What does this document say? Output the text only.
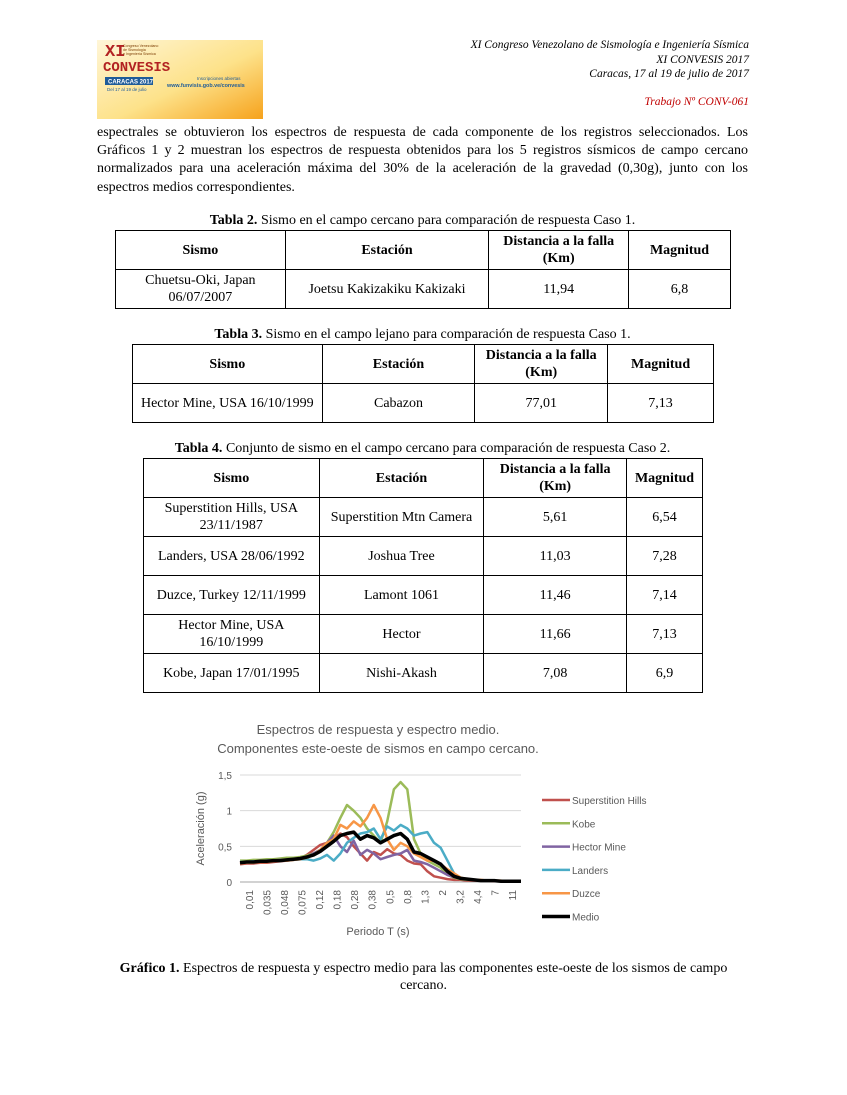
XI
CONVESIS
Congreso Venezolano
de Sismología
e Ingeniería Sísmica
CARACAS 2017
Del 17 al 19 de julio
Inscripciones abiertas
www.funvisis.gob.ve/convesis
XI Congreso Venezolano de Sismología e Ingeniería Sísmica
XI CONVESIS 2017
Caracas, 17 al 19 de julio de 2017
Trabajo Nº CONV-061
espectrales se obtuvieron los espectros de respuesta de cada componente de los registros seleccionados. Los Gráficos 1 y 2 muestran los espectros de respuesta obtenidos para los 5 registros sísmicos de campo cercano normalizados para una aceleración máxima del 30% de la aceleración de la gravedad (0,30g), junto con los espectros medios correspondientes.
Tabla 2. Sismo en el campo cercano para comparación de respuesta Caso 1.
Sismo	Estación	Distancia a la falla (Km)	Magnitud
Chuetsu-Oki, Japan 06/07/2007	Joetsu Kakizakiku Kakizaki	11,94	6,8
Tabla 3. Sismo en el campo lejano para comparación de respuesta Caso 1.
Sismo	Estación	Distancia a la falla (Km)	Magnitud
Hector Mine, USA 16/10/1999	Cabazon	77,01	7,13
Tabla 4. Conjunto de sismo en el campo cercano para comparación de respuesta Caso 2.
Sismo	Estación	Distancia a la falla (Km)	Magnitud
Superstition Hills, USA 23/11/1987	Superstition Mtn Camera	5,61	6,54
Landers, USA 28/06/1992	Joshua Tree	11,03	7,28
Duzce, Turkey 12/11/1999	Lamont 1061	11,46	7,14
Hector Mine, USA 16/10/1999	Hector	11,66	7,13
Kobe, Japan 17/01/1995	Nishi-Akash	7,08	6,9
Espectros de respuesta y espectro medio.
Componentes este-oeste de sismos en campo cercano.
0
0,5
1
1,5
0,01 0,035 0,048 0,075 0,12 0,18 0,28 0,38 0,5 0,8 1,3 2 3,2 4,4 7 11
Periodo T (s)
Aceleración (g)	Superstition Hills
Kobe
Hector Mine
Landers
Duzce
Medio
Gráfico 1. Espectros de respuesta y espectro medio para las componentes este-oeste de los sismos de campo cercano.
